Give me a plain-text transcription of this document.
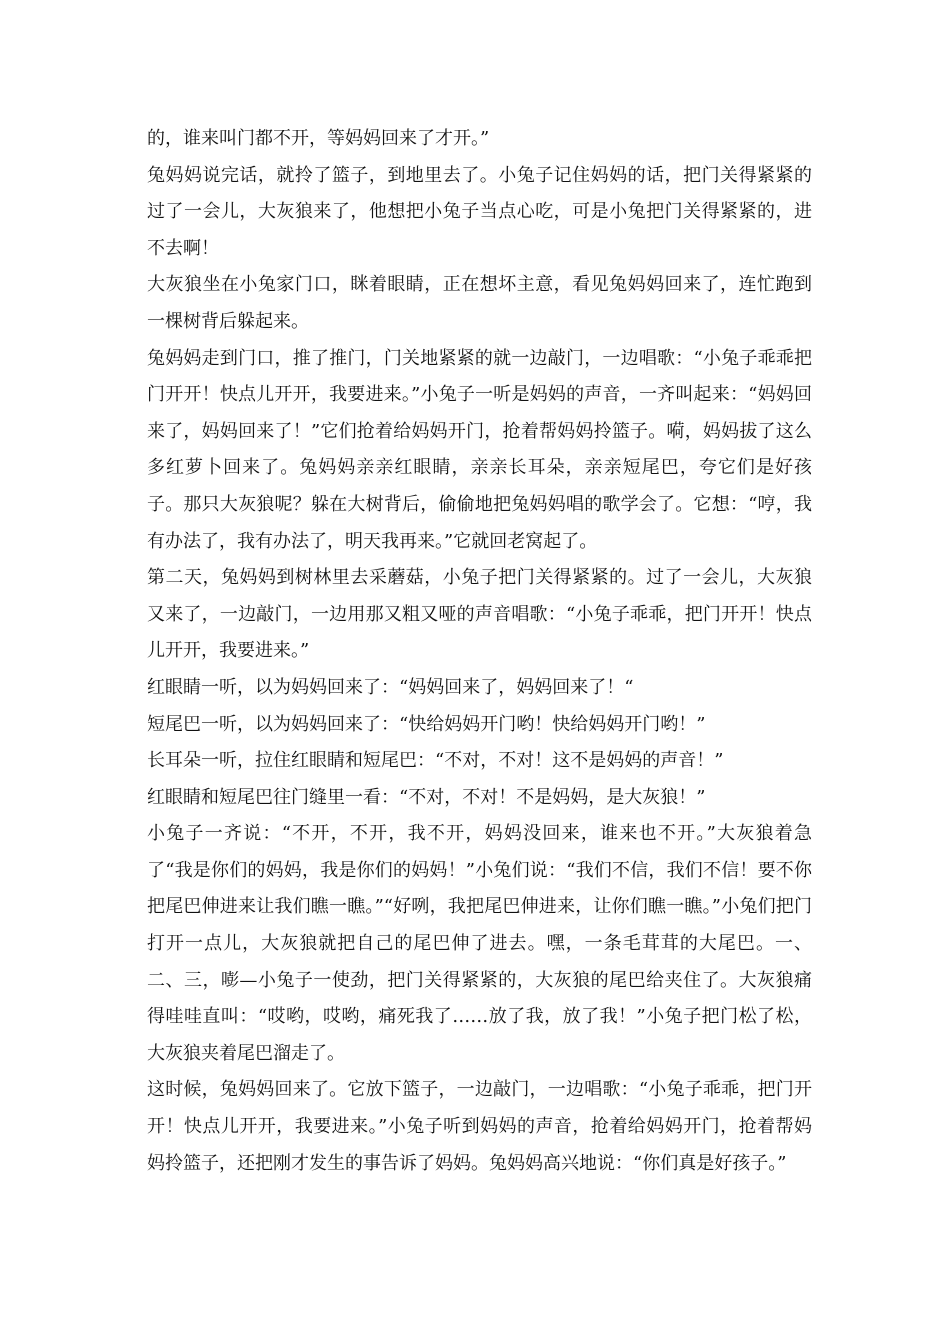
的，谁来叫门都不开，等妈妈回来了才开。”

兔妈妈说完话，就拎了篮子，到地里去了。小兔子记住妈妈的话，把门关得紧紧的过了一会儿，大灰狼来了，他想把小兔子当点心吃，可是小兔把门关得紧紧的，进不去啊！

大灰狼坐在小兔家门口，眯着眼睛，正在想坏主意，看见兔妈妈回来了，连忙跑到一棵树背后躲起来。

兔妈妈走到门口，推了推门，门关地紧紧的就一边敲门，一边唱歌：“小兔子乖乖把门开开！快点儿开开，我要进来。”小兔子一听是妈妈的声音，一齐叫起来：“妈妈回来了，妈妈回来了！”它们抢着给妈妈开门，抢着帮妈妈拎篮子。嗬，妈妈拔了这么多红萝卜回来了。兔妈妈亲亲红眼睛，亲亲长耳朵，亲亲短尾巴，夸它们是好孩子。那只大灰狼呢？躲在大树背后，偷偷地把兔妈妈唱的歌学会了。它想：“哼，我有办法了，我有办法了，明天我再来。”它就回老窝起了。

第二天，兔妈妈到树林里去采蘑菇，小兔子把门关得紧紧的。过了一会儿，大灰狼又来了，一边敲门，一边用那又粗又哑的声音唱歌：“小兔子乖乖，把门开开！快点儿开开，我要进来。”

红眼睛一听，以为妈妈回来了：“妈妈回来了，妈妈回来了！“

短尾巴一听，以为妈妈回来了：“快给妈妈开门哟！快给妈妈开门哟！”

长耳朵一听，拉住红眼睛和短尾巴：“不对，不对！这不是妈妈的声音！”

红眼睛和短尾巴往门缝里一看：“不对，不对！不是妈妈，是大灰狼！”

小兔子一齐说：“不开，不开，我不开，妈妈没回来，谁来也不开。”大灰狼着急了“我是你们的妈妈，我是你们的妈妈！”小兔们说：“我们不信，我们不信！要不你把尾巴伸进来让我们瞧一瞧。”“好咧，我把尾巴伸进来，让你们瞧一瞧。”小兔们把门打开一点儿，大灰狼就把自己的尾巴伸了进去。嘿，一条毛茸茸的大尾巴。一、二、三，嘭—小兔子一使劲，把门关得紧紧的，大灰狼的尾巴给夹住了。大灰狼痛得哇哇直叫：“哎哟，哎哟，痛死我了……放了我，放了我！”小兔子把门松了松，大灰狼夹着尾巴溜走了。

这时候，兔妈妈回来了。它放下篮子，一边敲门，一边唱歌：“小兔子乖乖，把门开开！快点儿开开，我要进来。”小兔子听到妈妈的声音，抢着给妈妈开门，抢着帮妈妈拎篮子，还把刚才发生的事告诉了妈妈。兔妈妈高兴地说：“你们真是好孩子。”
